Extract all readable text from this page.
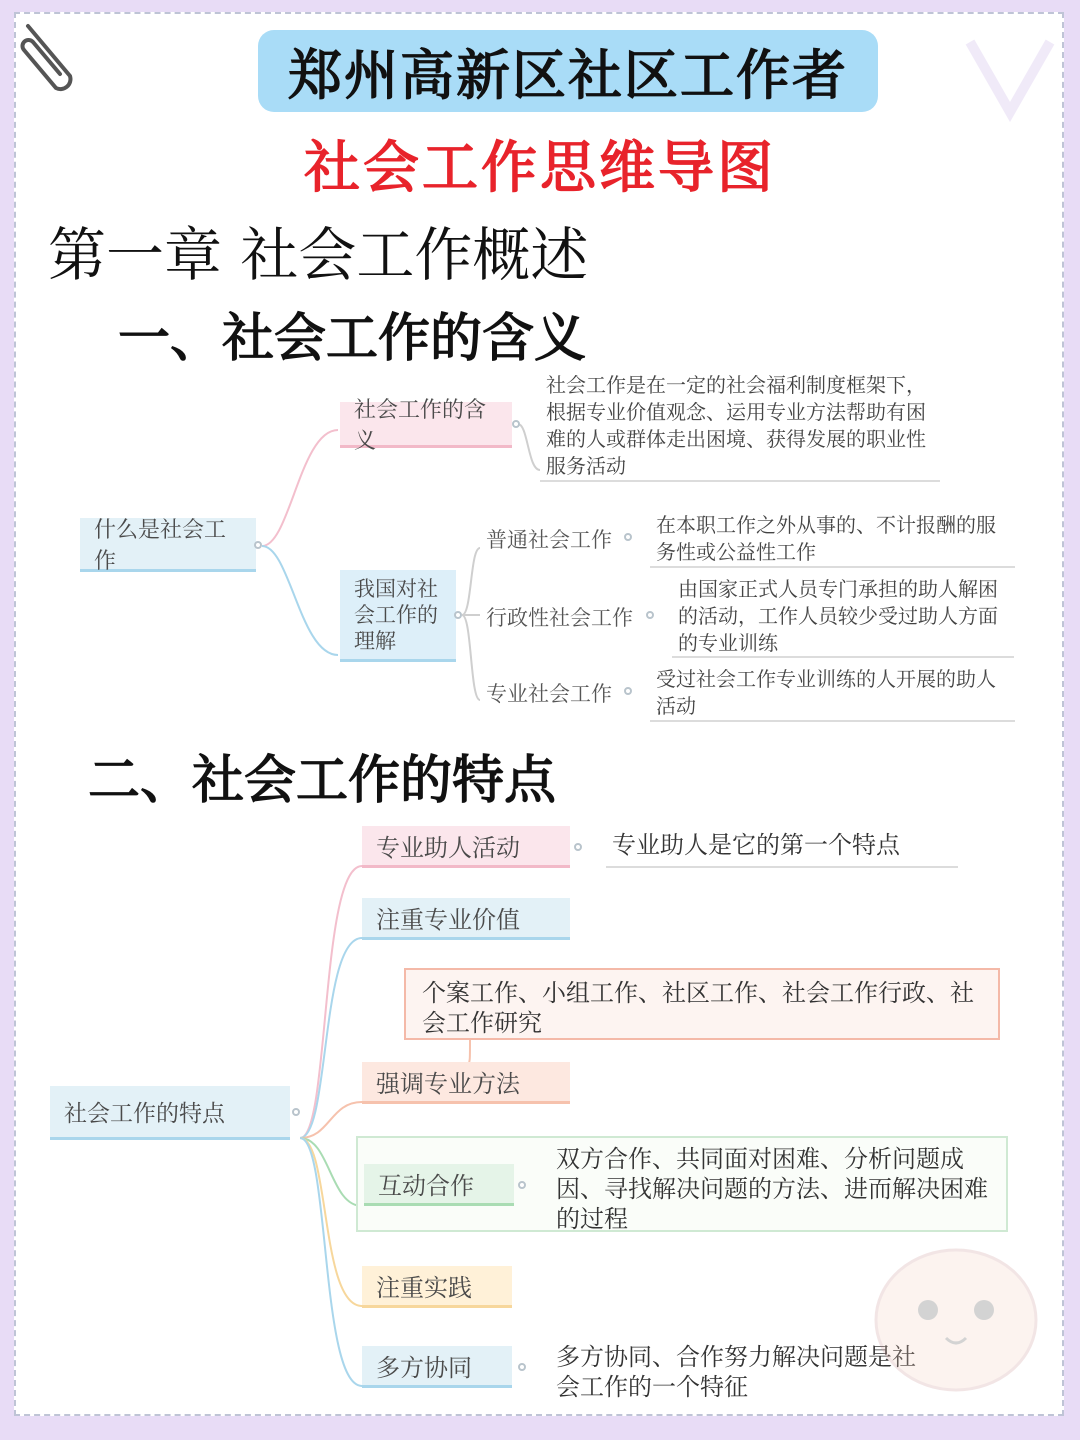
郑州高新区社区工作者
社会工作思维导图
第一章 社会工作概述
一、社会工作的含义
什么是社会工作
社会工作的含义
社会工作是在一定的社会福利制度框架下，根据专业价值观念、运用专业方法帮助有困难的人或群体走出困境、获得发展的职业性服务活动
我国对社会工作的理解
普通社会工作
在本职工作之外从事的、不计报酬的服务性或公益性工作
行政性社会工作
由国家正式人员专门承担的助人解困的活动，工作人员较少受过助人方面的专业训练
专业社会工作
受过社会工作专业训练的人开展的助人活动
二、社会工作的特点
社会工作的特点
专业助人活动	专业助人是它的第一个特点
注重专业价值
个案工作、小组工作、社区工作、社会工作行政、社会工作研究
强调专业方法
互动合作
双方合作、共同面对困难、分析问题成因、寻找解决问题的方法、进而解决困难的过程
注重实践
多方协同	多方协同、合作努力解决问题是社会工作的一个特征
